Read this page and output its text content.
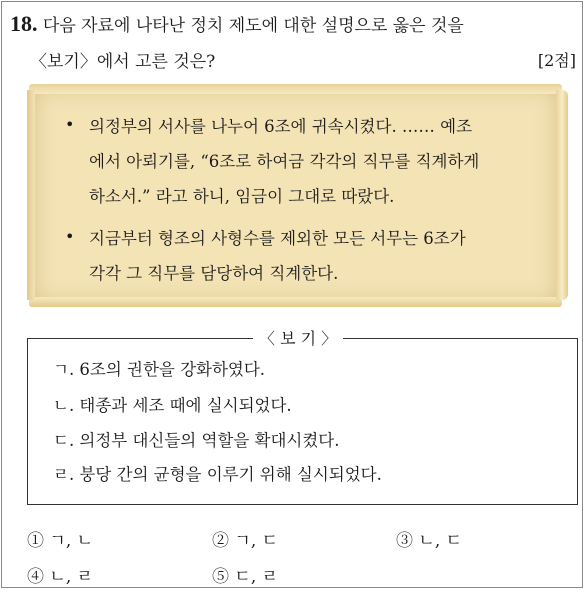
18. 다음 자료에 나타난 정치 제도에 대한 설명으로 옳은 것을
〈보기〉에서 고른 것은?	[2점]
• 의정부의 서사를 나누어 6조에 귀속시켰다. …… 예조
에서 아뢰기를, “6조로 하여금 각각의 직무를 직계하게
하소서.” 라고 하니, 임금이 그대로 따랐다.
• 지금부터 형조의 사형수를 제외한 모든 서무는 6조가
각각 그 직무를 담당하여 직계한다.
〈 보 기 〉
ㄱ. 6조의 권한을 강화하였다.
ㄴ. 태종과 세조 때에 실시되었다.
ㄷ. 의정부 대신들의 역할을 확대시켰다.
ㄹ. 붕당 간의 균형을 이루기 위해 실시되었다.
① ㄱ, ㄴ	② ㄱ, ㄷ	③ ㄴ, ㄷ
④ ㄴ, ㄹ	⑤ ㄷ, ㄹ
